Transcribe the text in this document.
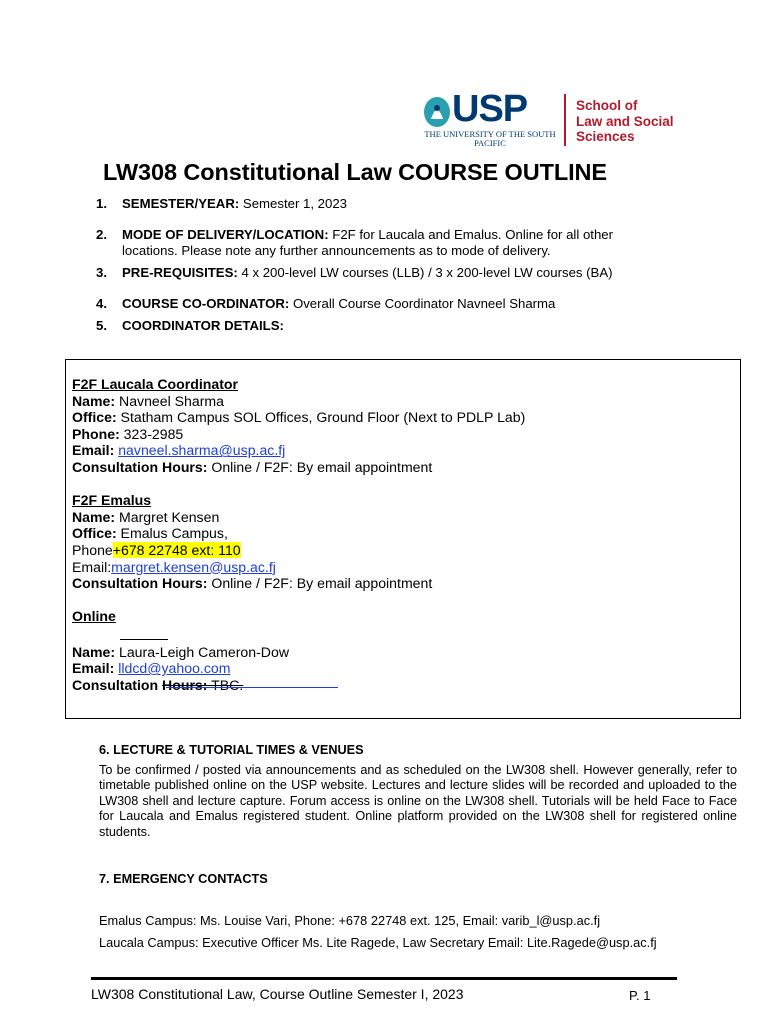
USP
THE UNIVERSITY OF THE SOUTH PACIFIC
School of
Law and Social
Sciences
LW308 Constitutional Law COURSE OUTLINE
1. SEMESTER/YEAR: Semester 1, 2023
2. MODE OF DELIVERY/LOCATION: F2F for Laucala and Emalus. Online for all other locations. Please note any further announcements as to mode of delivery.
3. PRE-REQUISITES: 4 x 200-level LW courses (LLB) / 3 x 200-level LW courses (BA)
4. COURSE CO-ORDINATOR: Overall Course Coordinator Navneel Sharma
5. COORDINATOR DETAILS:
F2F Laucala Coordinator
Name: Navneel Sharma
Office: Statham Campus SOL Offices, Ground Floor (Next to PDLP Lab)
Phone: 323-2985
Email: navneel.sharma@usp.ac.fj
Consultation Hours: Online / F2F: By email appointment
F2F Emalus
Name: Margret Kensen
Office: Emalus Campus,
Phone+678 22748 ext: 110
Email:margret.kensen@usp.ac.fj
Consultation Hours: Online / F2F: By email appointment
Online
Name: Laura-Leigh Cameron-Dow
Email: lldcd@yahoo.com
Consultation Hours: TBC.
6. LECTURE & TUTORIAL TIMES & VENUES
To be confirmed / posted via announcements and as scheduled on the LW308 shell. However generally, refer to timetable published online on the USP website. Lectures and lecture slides will be recorded and uploaded to the LW308 shell and lecture capture. Forum access is online on the LW308 shell. Tutorials will be held Face to Face for Laucala and Emalus registered student. Online platform provided on the LW308 shell for registered online students.
7. EMERGENCY CONTACTS
Emalus Campus: Ms. Louise Vari, Phone: +678 22748 ext. 125, Email: varib_l@usp.ac.fj
Laucala Campus: Executive Officer Ms. Lite Ragede, Law Secretary Email: Lite.Ragede@usp.ac.fj
LW308 Constitutional Law, Course Outline Semester I, 2023	P. 1
